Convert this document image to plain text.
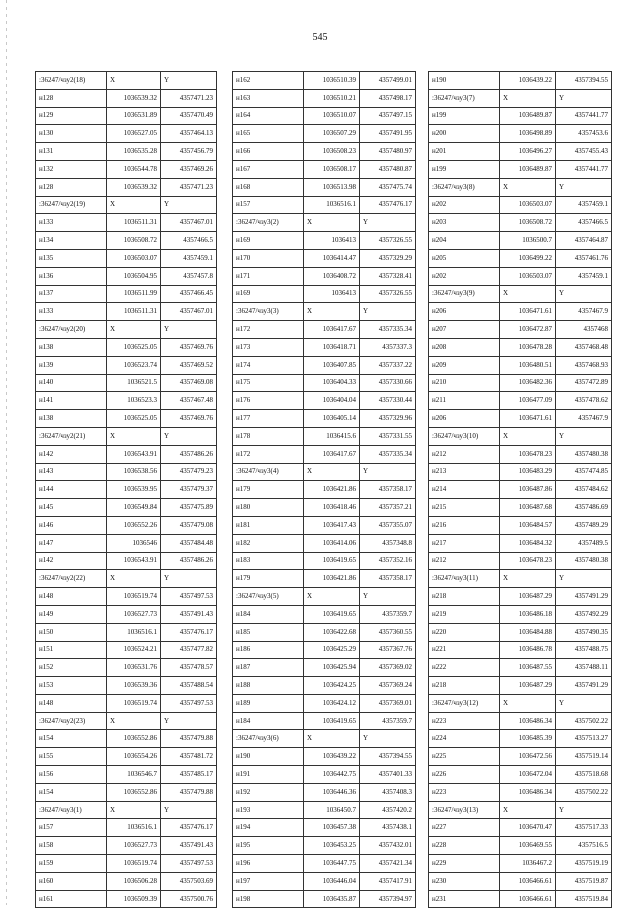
545
:36247/чзу2(18)	X	Y
н128	1036539.32	4357471.23
н129	1036531.89	4357470.49
н130	1036527.05	4357464.13
н131	1036535.28	4357456.79
н132	1036544.78	4357469.26
н128	1036539.32	4357471.23
:36247/чзу2(19)	X	Y
н133	1036511.31	4357467.01
н134	1036508.72	4357466.5
н135	1036503.07	4357459.1
н136	1036504.95	4357457.8
н137	1036511.99	4357466.45
н133	1036511.31	4357467.01
:36247/чзу2(20)	X	Y
н138	1036525.05	4357469.76
н139	1036523.74	4357469.52
н140	1036521.5	4357469.08
н141	1036523.3	4357467.48
н138	1036525.05	4357469.76
:36247/чзу2(21)	X	Y
н142	1036543.91	4357486.26
н143	1036538.56	4357479.23
н144	1036539.95	4357479.37
н145	1036549.84	4357475.89
н146	1036552.26	4357479.08
н147	1036546	4357484.48
н142	1036543.91	4357486.26
:36247/чзу2(22)	X	Y
н148	1036519.74	4357497.53
н149	1036527.73	4357491.43
н150	1036516.1	4357476.17
н151	1036524.21	4357477.82
н152	1036531.76	4357478.57
н153	1036539.36	4357488.54
н148	1036519.74	4357497.53
:36247/чзу2(23)	X	Y
н154	1036552.86	4357479.88
н155	1036554.26	4357481.72
н156	1036546.7	4357485.17
н154	1036552.86	4357479.88
:36247/чзу3(1)	X	Y
н157	1036516.1	4357476.17
н158	1036527.73	4357491.43
н159	1036519.74	4357497.53
н160	1036506.28	4357503.69
н161	1036509.39	4357500.76
н162	1036510.39	4357499.01
н163	1036510.21	4357498.17
н164	1036510.07	4357497.15
н165	1036507.29	4357491.95
н166	1036508.23	4357480.97
н167	1036508.17	4357480.87
н168	1036513.98	4357475.74
н157	1036516.1	4357476.17
:36247/чзу3(2)	X	Y
н169	1036413	4357326.55
н170	1036414.47	4357329.29
н171	1036408.72	4357328.41
н169	1036413	4357326.55
:36247/чзу3(3)	X	Y
н172	1036417.67	4357335.34
н173	1036418.71	4357337.3
н174	1036407.85	4357337.22
н175	1036404.33	4357330.66
н176	1036404.04	4357330.44
н177	1036405.14	4357329.96
н178	1036415.6	4357331.55
н172	1036417.67	4357335.34
:36247/чзу3(4)	X	Y
н179	1036421.86	4357358.17
н180	1036418.46	4357357.21
н181	1036417.43	4357355.07
н182	1036414.06	4357348.8
н183	1036419.65	4357352.16
н179	1036421.86	4357358.17
:36247/чзу3(5)	X	Y
н184	1036419.65	4357359.7
н185	1036422.68	4357360.55
н186	1036425.29	4357367.76
н187	1036425.94	4357369.02
н188	1036424.25	4357369.24
н189	1036424.12	4357369.01
н184	1036419.65	4357359.7
:36247/чзу3(6)	X	Y
н190	1036439.22	4357394.55
н191	1036442.75	4357401.33
н192	1036446.36	4357408.3
н193	1036450.7	4357420.2
н194	1036457.38	4357438.1
н195	1036453.25	4357432.01
н196	1036447.75	4357421.34
н197	1036446.04	4357417.91
н198	1036435.87	4357394.97
н190	1036439.22	4357394.55
:36247/чзу3(7)	X	Y
н199	1036489.87	4357441.77
н200	1036498.89	4357453.6
н201	1036496.27	4357455.43
н199	1036489.87	4357441.77
:36247/чзу3(8)	X	Y
н202	1036503.07	4357459.1
н203	1036508.72	4357466.5
н204	1036500.7	4357464.87
н205	1036499.22	4357461.76
н202	1036503.07	4357459.1
:36247/чзу3(9)	X	Y
н206	1036471.61	4357467.9
н207	1036472.87	4357468
н208	1036478.28	4357468.48
н209	1036480.51	4357468.93
н210	1036482.36	4357472.89
н211	1036477.09	4357478.62
н206	1036471.61	4357467.9
:36247/чзу3(10)	X	Y
н212	1036478.23	4357480.38
н213	1036483.29	4357474.85
н214	1036487.86	4357484.62
н215	1036487.68	4357486.69
н216	1036484.57	4357489.29
н217	1036484.32	4357489.5
н212	1036478.23	4357480.38
:36247/чзу3(11)	X	Y
н218	1036487.29	4357491.29
н219	1036486.18	4357492.29
н220	1036484.88	4357490.35
н221	1036486.78	4357488.75
н222	1036487.55	4357488.11
н218	1036487.29	4357491.29
:36247/чзу3(12)	X	Y
н223	1036486.34	4357502.22
н224	1036485.39	4357513.27
н225	1036472.56	4357519.14
н226	1036472.04	4357518.68
н223	1036486.34	4357502.22
:36247/чзу3(13)	X	Y
н227	1036470.47	4357517.33
н228	1036469.55	4357516.5
н229	1036467.2	4357519.19
н230	1036466.61	4357519.87
н231	1036466.61	4357519.84
